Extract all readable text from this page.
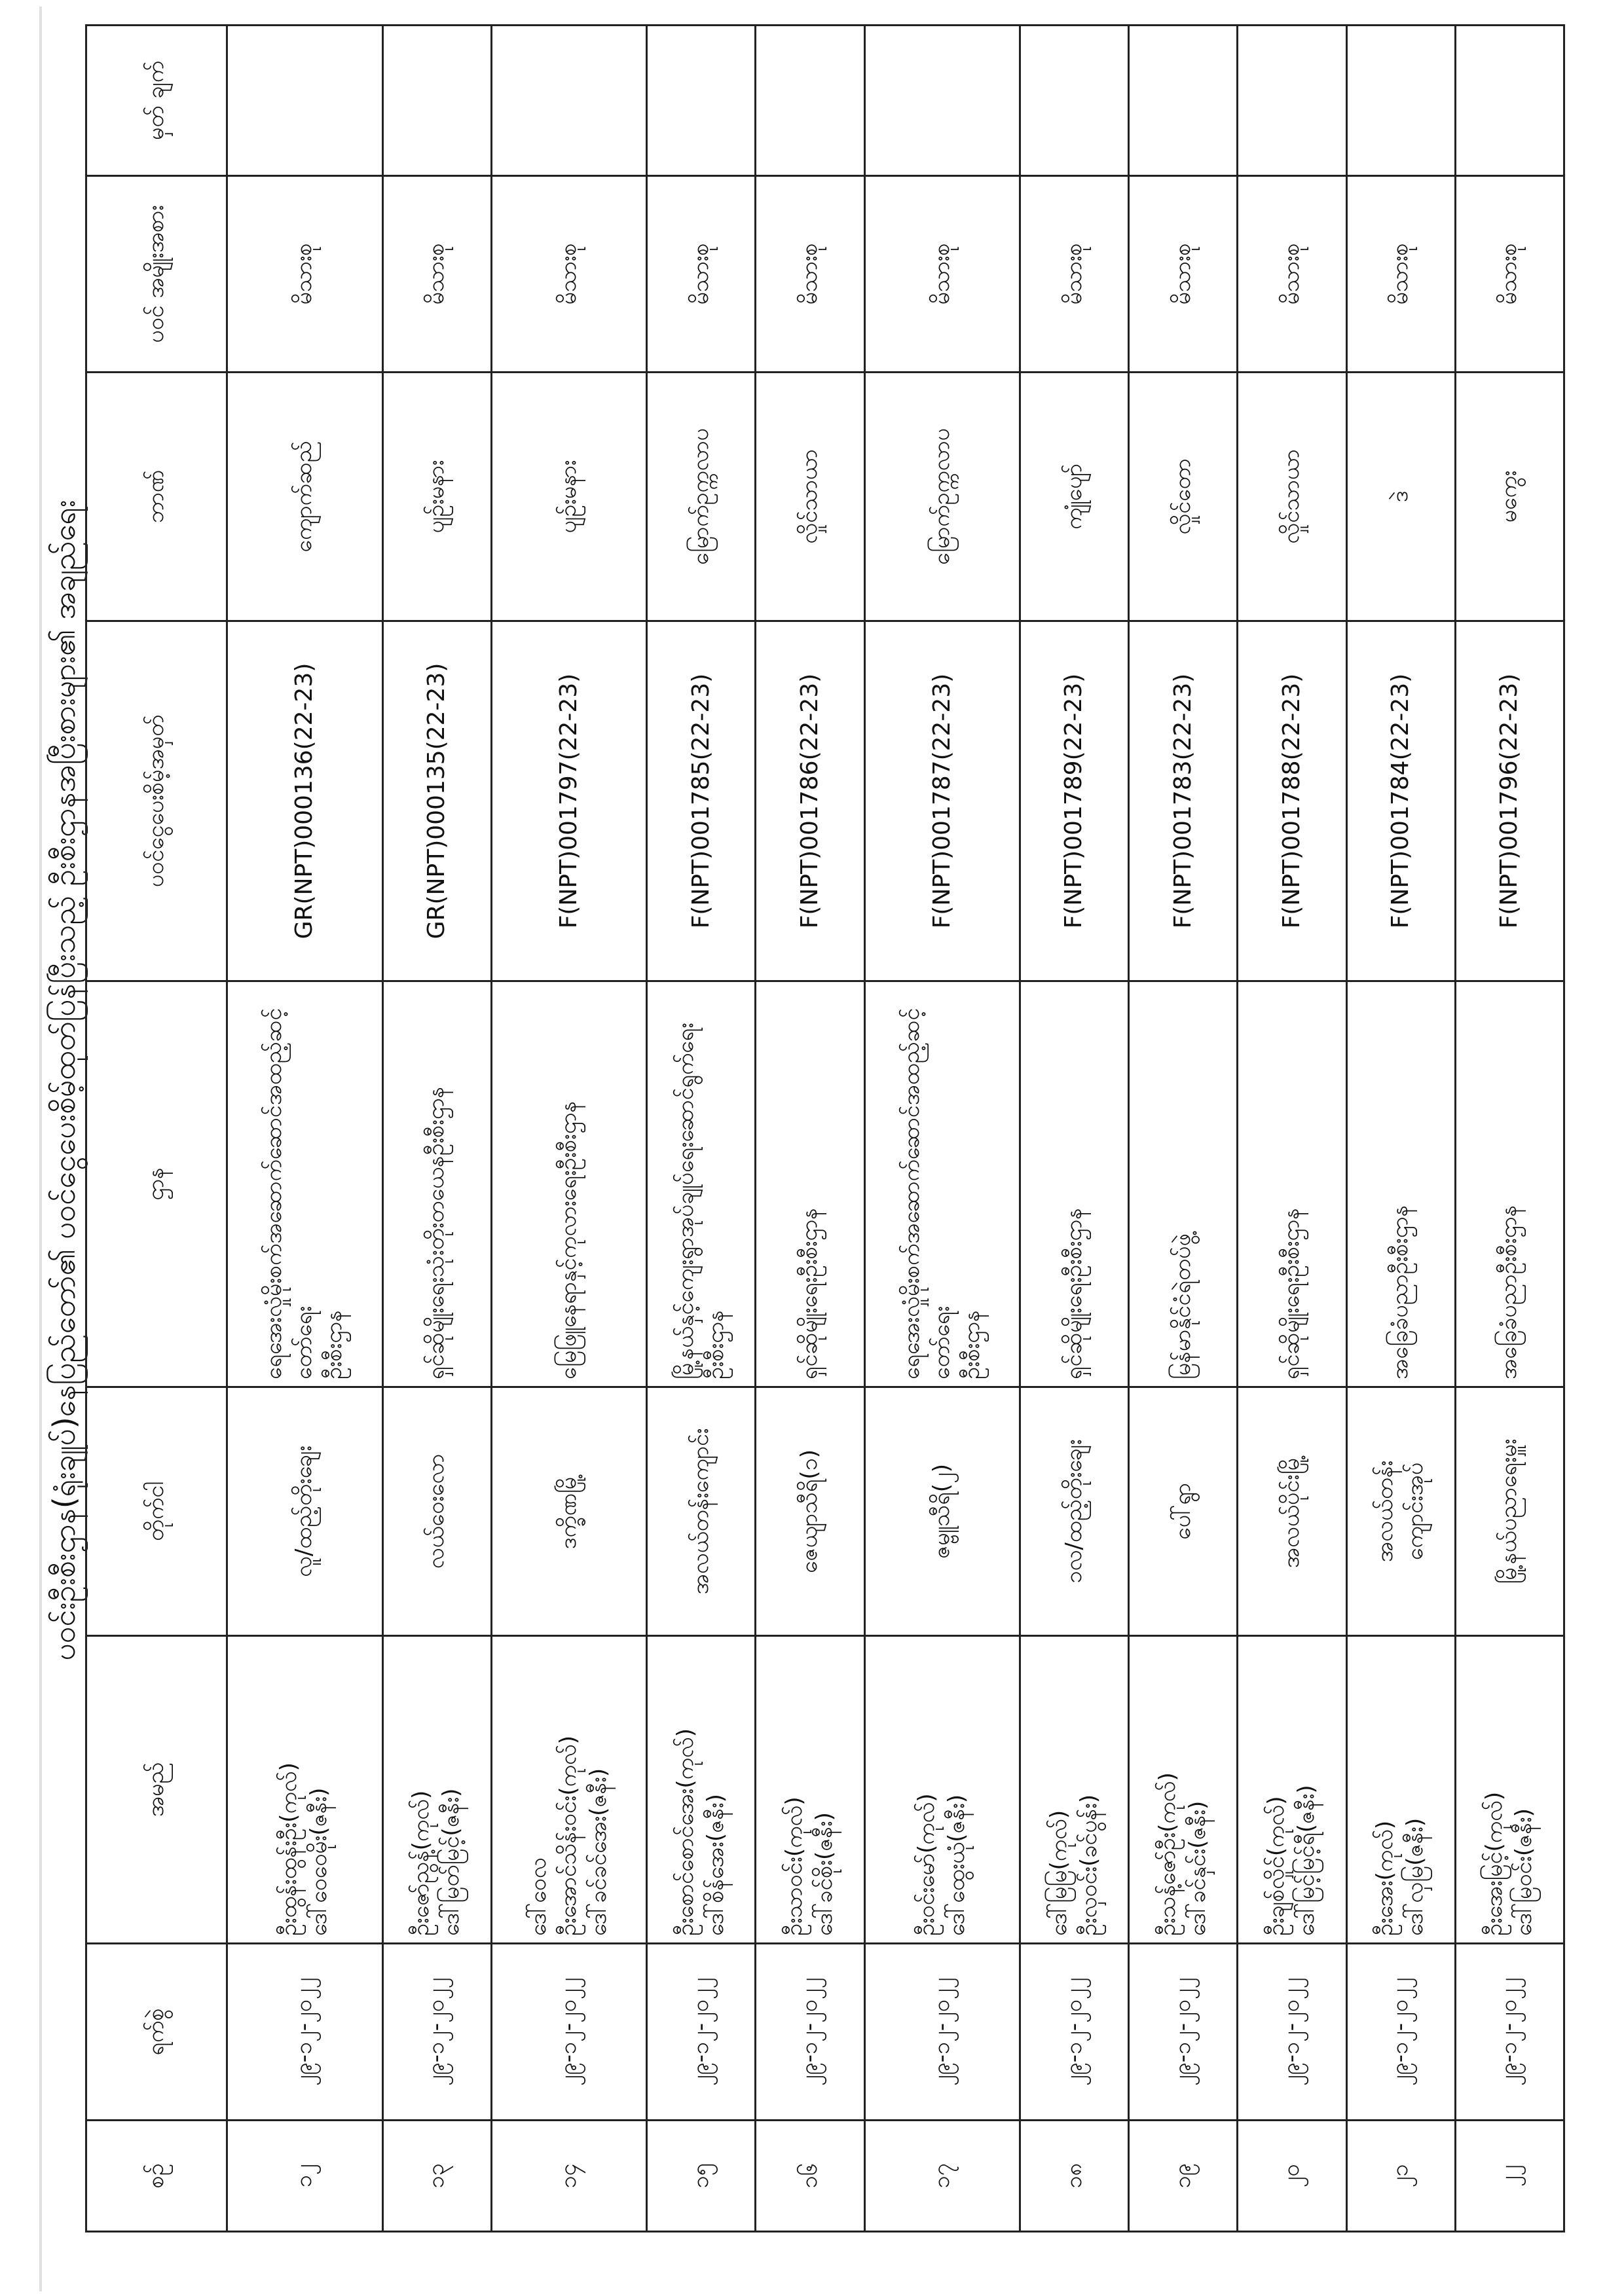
ပဝင်းဦးစီးဌာန(ရုံးချုပ်)နေပြည်တော်၏ ပဝင်ငွေပေးစိမ့်ထုတ်ပြန်ပြီးသည့် ဦးစီးဌာနအပြီးစားများ၏ အချည်ရေး
စဉ်	ရက်စွဲ	အမည်	တိုက်ငါ	ဌာန	ပဝင်ငွေပေးစိမ့်အမှတ်	ဘာဏ်	ပဝင် အမျိုးအစား	မှတ် ချက်
၁၂	၂၉-၁၂-၂၀၂၂	ဦးထွန်းထွန်းဦး(ကုလ်) ဒေါ်ဝေဝေမိုး(ဇနီး)	လူ/ထည့်တိုးချေး	ရေအေးလှုံမိုးစက်အဆောက်ဆောင်အထည့်ဆင့်တော်ရေး ဦးစီးဌာန	GR(NPT)000136(22-23)	ကျောက်ဆည်	မိသားစု	
၁၃	၂၉-၁၂-၂၀၂၂	ဦးဇော်ညွန့်(ကုလ်) ဒေါ်မြတ်မြင့်(ဇနီး)	လယ်ဝေးလော	ရှင်ဆိုမျိုးရေးသုံးတိုးတယေနဦးစီးဌာန	GR(NPT)000135(22-23)	ပျဉ်းမနား	မိသားစု	
၁၄	၂၉-၁၂-၂၀၂၂	ဒေါ်ဝေလ ဦးအောင်သိန်းဝင်း(ကုလ်) ဒေါ်ခင်ခင်အေး(ဇနီး)	ဒက္ခိဏမြို့	မြေဖြူနေရာနှင့်ကုလားရေးဦးစီးဌာန	F(NPT)001797(22-23)	ပျဉ်းမနား	မိသားစု	
၁၅	၂၉-၁၂-၂၀၂၂	ဦးစောင်စောင်အေး(ကုလ်) ဒေါ်စိန်အေး(ဇနီး)	အလယ်တန်းကျောင်း	မြို့နယ်နှင့်ကျေးရွာအုပ်ချုပ်ရေးဆောင်ရွက်ရေး ဦးစီးဌာန	F(NPT)001785(22-23)	မြောက်ဥက္ကလာပ	မိသားစု	
၁၆	၂၉-၁၂-၂၀၂၂	ဦးသာဝင်း(ကုလ်) ဒေါ်ခင်စိုး(ဇနီး)	ဇေယျာသီရိ(၁)	ရှင်ဆိုမျိုးရေးဦးစီးဌာန	F(NPT)001786(22-23)	လှိုင်သာယာ	မိသားစု	
၁၇	၂၉-၁၂-၂၀၂၂	ဦးဝင်းမော်(ကုလ်) ဒေါ်ထွေးယုံ(ဇနီး)	ဇမ္ဗူသီရိ(၂)	ရေအေးလှုံမိုးစက်အဆောက်ဆောင်အထည့်ဆင့်တော်ရေး ဦးစီးဌာန	F(NPT)001787(22-23)	မြောက်ဥက္ကလာပ	မိသားစု	
၁၈	၂၉-၁၂-၂၀၂၂	ဒေါ်မြမြ(ကုလ်) ဦးလှဝင်း(ခင်ပွန်း)	၁လ/ထည့်တိုးချေး	ရှင်ဆိုမျိုးရေးဦးစီးဌာန	F(NPT)001789(22-23)	ကျုံပျော်	မိသားစု	
၁၉	၂၉-၁၂-၂၀၂၂	ဦးသန့်ဇော်ဦး(ကုလ်) ဒေါ်ခင်နှင်း(ဇနီး)	ပေါ်ရွာ	မြန်မာနိုင်ငံရဲတပ်ဖွဲ့	F(NPT)001783(22-23)	လှိုင်တော	မိသားစု	
၂၀	၂၉-၁၂-၂၀၂၂	ဦးချစ်လှိုင်(ကုလ်) ဒေါ်မြင့်မြင့်ရီ(ဇနီး)	အလယ်ပိုင်းမြို့	ရှင်ဆိုမျိုးရေးဦးစီးဌာန	F(NPT)001788(22-23)	လှိုင်သာယာ	မိသားစု	
၂၁	၂၉-၁၂-၂၀၂၂	ဦးအေး(ကုလ်) ဒေါ်လှမြ(ဇနီး)	အလယ်တန်း ကျောင်းအုပ်	အခြေခံပညာဦးစီးဌာန	F(NPT)001784(22-23)	ဒဲ	မိသားစု	
၂၂	၂၉-၁၂-၂၀၂၂	ဦးအေးမြင့်(ကုလ်) ဒေါ်မြဝင်း(ဇနီး)	မြို့နယ်ပညာရေးမှူး	အခြေခံပညာဦးစီးဌာန	F(NPT)001796(22-23)	မကွေး	မိသားစု	
